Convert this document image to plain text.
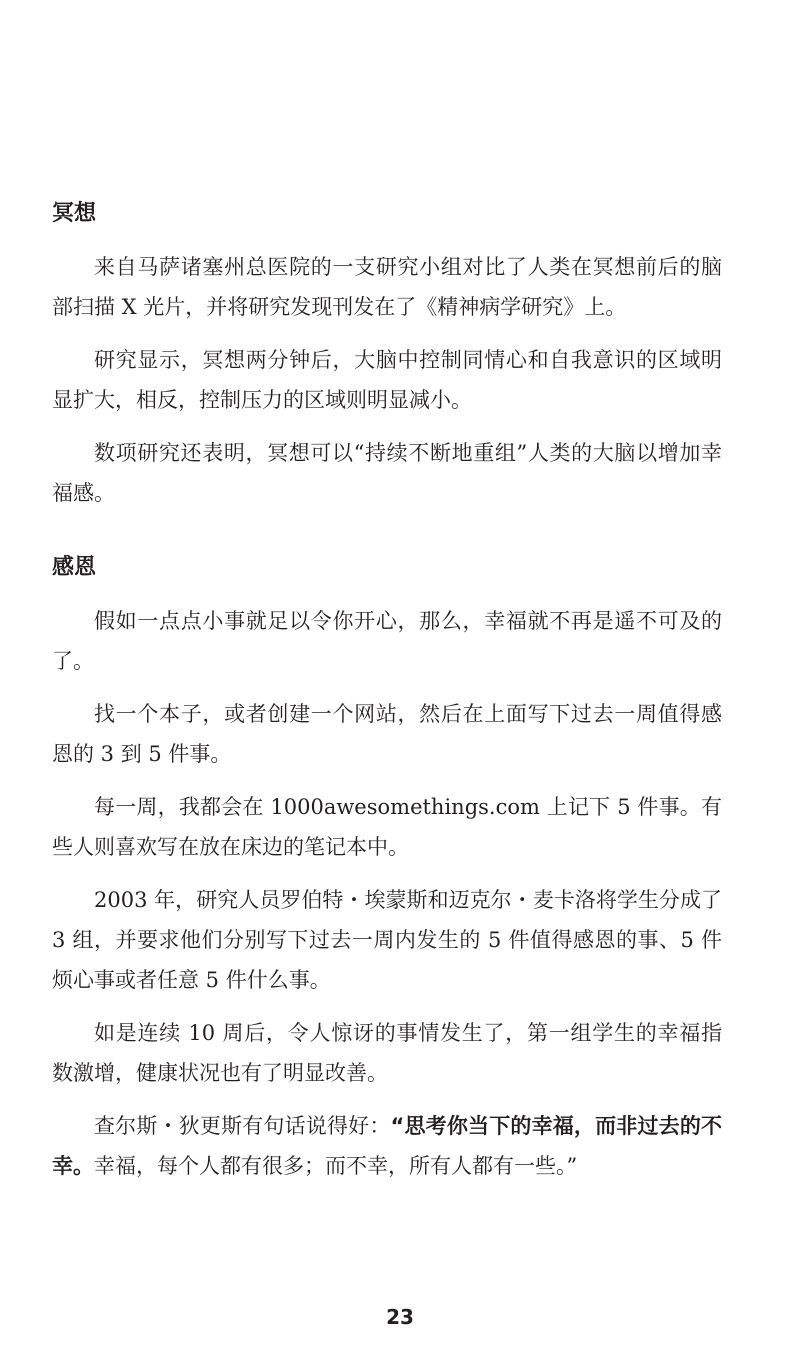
冥想

来自马萨诸塞州总医院的一支研究小组对比了人类在冥想前后的脑部扫描 X 光片，并将研究发现刊发在了《精神病学研究》上。

研究显示，冥想两分钟后，大脑中控制同情心和自我意识的区域明显扩大，相反，控制压力的区域则明显减小。

数项研究还表明，冥想可以“持续不断地重组”人类的大脑以增加幸福感。

感恩

假如一点点小事就足以令你开心，那么，幸福就不再是遥不可及的了。

找一个本子，或者创建一个网站，然后在上面写下过去一周值得感恩的 3 到 5 件事。

每一周，我都会在 1000awesomethings.com 上记下 5 件事。有些人则喜欢写在放在床边的笔记本中。

2003 年，研究人员罗伯特・埃蒙斯和迈克尔・麦卡洛将学生分成了 3 组，并要求他们分别写下过去一周内发生的 5 件值得感恩的事、5 件烦心事或者任意 5 件什么事。

如是连续 10 周后，令人惊讶的事情发生了，第一组学生的幸福指数激增，健康状况也有了明显改善。

查尔斯・狄更斯有句话说得好：“思考你当下的幸福，而非过去的不幸。幸福，每个人都有很多；而不幸，所有人都有一些。”

23
